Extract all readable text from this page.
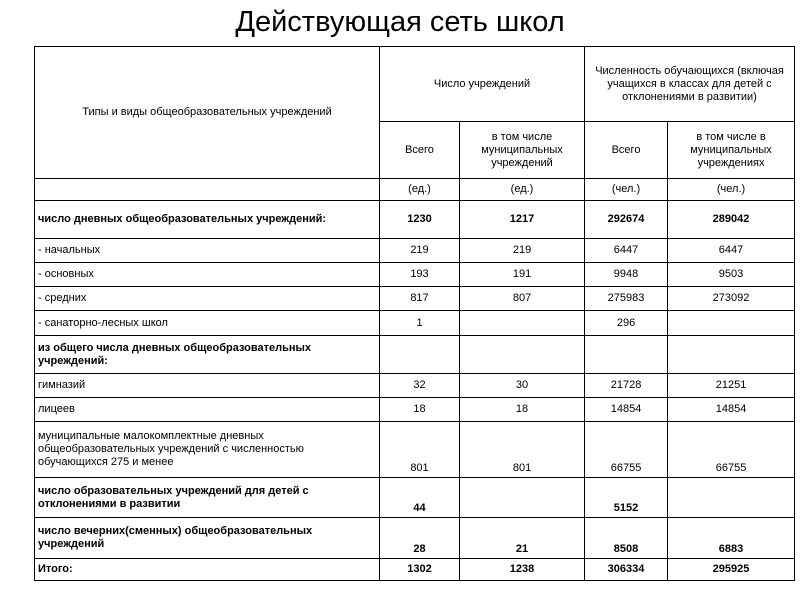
Действующая сеть школ
Типы и виды общеобразовательных учреждений	Число учреждений		Численность обучающихся (включая учащихся в классах для детей с отклонениями в развитии)	
	Всего	в том числе муниципальных учреждений	Всего	в том числе в муниципальных учреждениях
	(ед.)	(ед.)	(чел.)	(чел.)
число дневных общеобразовательных учреждений:	1230	1217	292674	289042
- начальных	219	219	6447	6447
- основных	193	191	9948	9503
- средних	817	807	275983	273092
- санаторно-лесных школ	1		296	
из общего числа дневных общеобразовательных учреждений:				
гимназий	32	30	21728	21251
лицеев	18	18	14854	14854
муниципальные малокомплектные дневных общеобразовательных учреждений с численностью обучающихся 275 и менее	801	801	66755	66755
число образовательных учреждений для детей с отклонениями в развитии	44		5152	
число вечерних(сменных) общеобразовательных учреждений	28	21	8508	6883
Итого:	1302	1238	306334	295925
